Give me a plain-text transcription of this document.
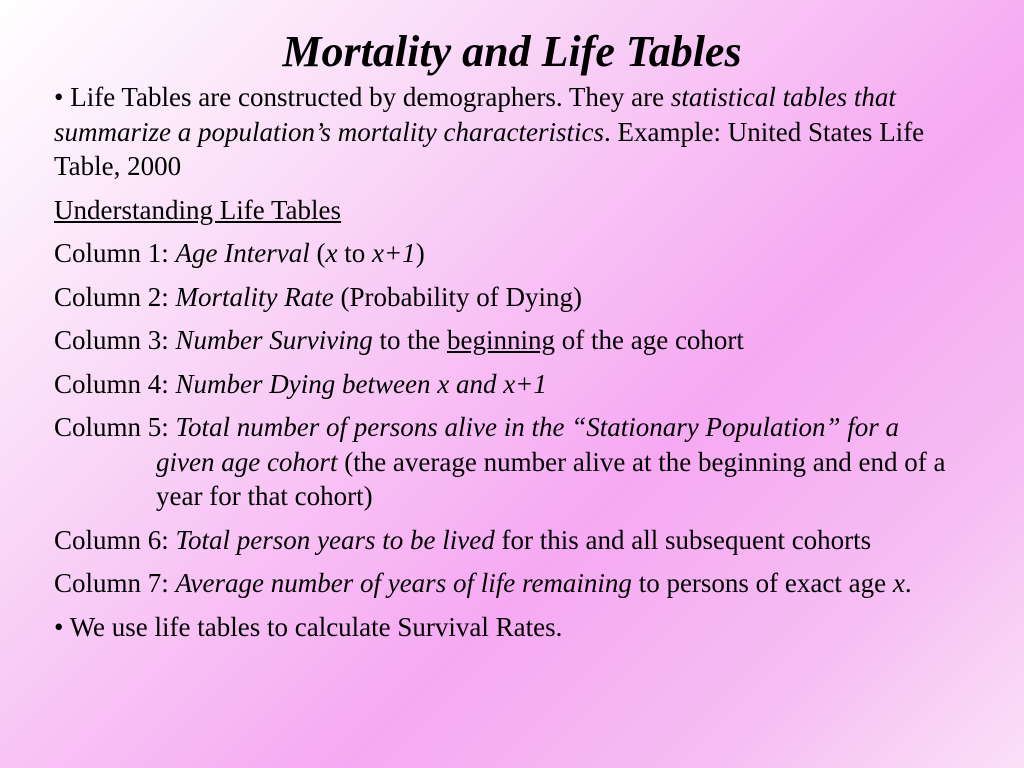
Mortality and Life Tables

• Life Tables are constructed by demographers. They are statistical tables that summarize a population’s mortality characteristics. Example: United States Life Table, 2000

Understanding Life Tables

Column 1: Age Interval (x to x+1)

Column 2: Mortality Rate (Probability of Dying)

Column 3: Number Surviving to the beginning of the age cohort

Column 4: Number Dying between x and x+1

Column 5: Total number of persons alive in the “Stationary Population” for a given age cohort (the average number alive at the beginning and end of a year for that cohort)

Column 6: Total person years to be lived for this and all subsequent cohorts

Column 7: Average number of years of life remaining to persons of exact age x.

• We use life tables to calculate Survival Rates.
